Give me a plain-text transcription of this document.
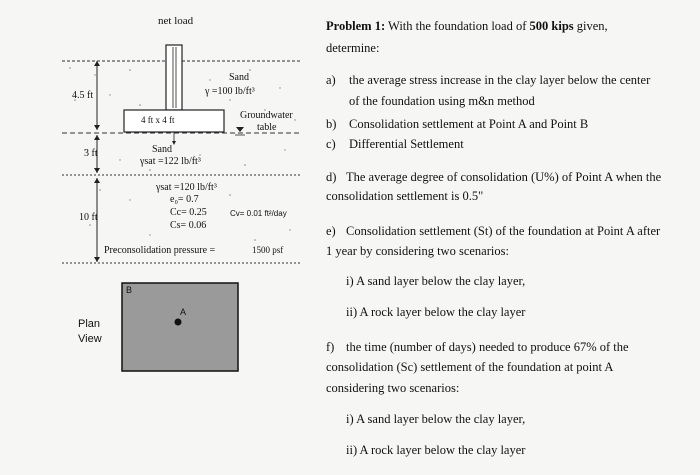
net load
Sand
γ =100 lb/ft³
4.5 ft
4 ft x 4 ft	Groundwater
table
Sand
γsat =122 lb/ft³
3 ft
γsat =120 lb/ft³
e₀= 0.7
Cc= 0.25
Cs= 0.06
Cv= 0.01 ft²/day
10 ft
Preconsolidation pressure =	1500 psf
Plan
View
B
A
Problem 1: With the foundation load of 500 kips given,
determine:
a) the average stress increase in the clay layer below the center
of the foundation using m&n method
b) Consolidation settlement at Point A and Point B
c) Differential Settlement
d) The average degree of consolidation (U%) of Point A when the
consolidation settlement is 0.5"
e) Consolidation settlement (St) of the foundation at Point A after
1 year by considering two scenarios:
i) A sand layer below the clay layer,
ii) A rock layer below the clay layer
f) the time (number of days) needed to produce 67% of the
consolidation (Sc) settlement of the foundation at point A
considering two scenarios:
i) A sand layer below the clay layer,
ii) A rock layer below the clay layer
